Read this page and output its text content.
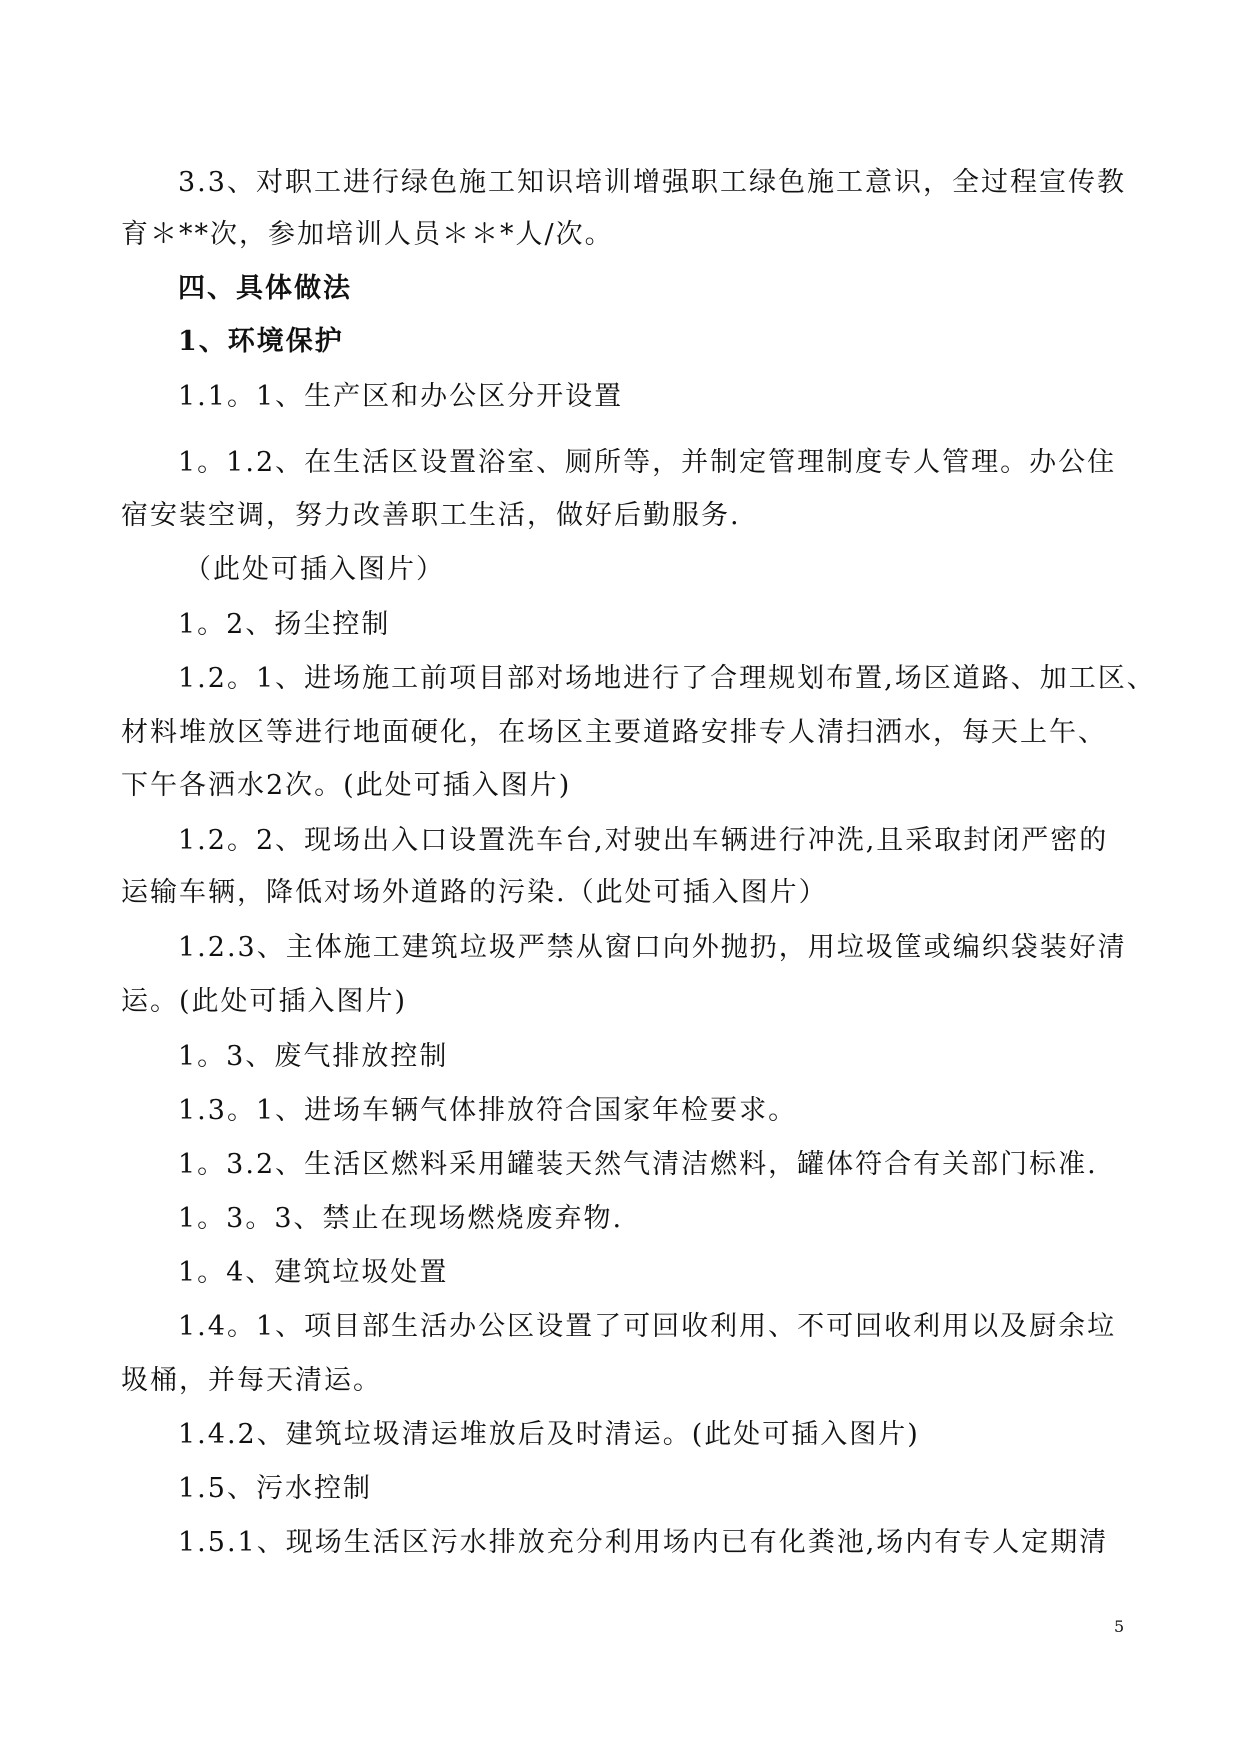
3.3、对职工进行绿色施工知识培训增强职工绿色施工意识，全过程宣传教
育＊**次，参加培训人员＊＊*人/次。
四、具体做法
1、环境保护
1.1。1、生产区和办公区分开设置
1。1.2、在生活区设置浴室、厕所等，并制定管理制度专人管理。办公住
宿安装空调，努力改善职工生活，做好后勤服务.
（此处可插入图片）
1。2、扬尘控制
1.2。1、进场施工前项目部对场地进行了合理规划布置,场区道路、加工区、
材料堆放区等进行地面硬化，在场区主要道路安排专人清扫洒水，每天上午、
下午各洒水2次。(此处可插入图片)
1.2。2、现场出入口设置洗车台,对驶出车辆进行冲洗,且采取封闭严密的
运输车辆，降低对场外道路的污染.（此处可插入图片）
1.2.3、主体施工建筑垃圾严禁从窗口向外抛扔，用垃圾筐或编织袋装好清
运。(此处可插入图片)
1。3、废气排放控制
1.3。1、进场车辆气体排放符合国家年检要求。
1。3.2、生活区燃料采用罐装天然气清洁燃料，罐体符合有关部门标准.
1。3。3、禁止在现场燃烧废弃物.
1。4、建筑垃圾处置
1.4。1、项目部生活办公区设置了可回收利用、不可回收利用以及厨余垃
圾桶，并每天清运。
1.4.2、建筑垃圾清运堆放后及时清运。(此处可插入图片)
1.5、污水控制
1.5.1、现场生活区污水排放充分利用场内已有化粪池,场内有专人定期清
5
